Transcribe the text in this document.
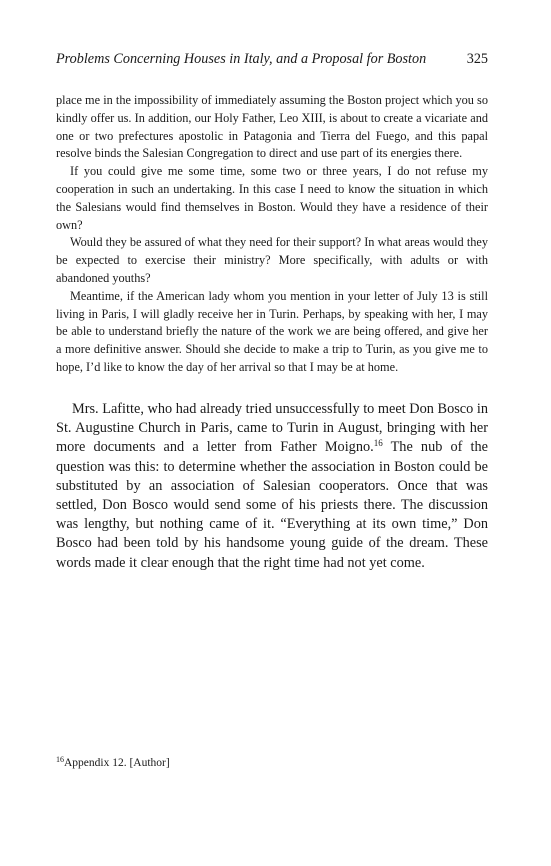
Problems Concerning Houses in Italy, and a Proposal for Boston	325

place me in the impossibility of immediately assuming the Boston project which you so kindly offer us. In addition, our Holy Father, Leo XIII, is about to create a vicariate and one or two prefectures apostolic in Patagonia and Tierra del Fuego, and this papal resolve binds the Salesian Congregation to direct and use part of its energies there.

If you could give me some time, some two or three years, I do not refuse my cooperation in such an undertaking. In this case I need to know the situation in which the Salesians would find themselves in Boston. Would they have a residence of their own?

Would they be assured of what they need for their support? In what areas would they be expected to exercise their ministry? More specifically, with adults or with abandoned youths?

Meantime, if the American lady whom you mention in your letter of July 13 is still living in Paris, I will gladly receive her in Turin. Perhaps, by speaking with her, I may be able to understand briefly the nature of the work we are being offered, and give her a more definitive answer. Should she decide to make a trip to Turin, as you give me to hope, I’d like to know the day of her arrival so that I may be at home.

Mrs. Lafitte, who had already tried unsuccessfully to meet Don Bosco in St. Augustine Church in Paris, came to Turin in August, bringing with her more documents and a letter from Father Moigno.$^{16}$ The nub of the question was this: to determine whether the association in Boston could be substituted by an association of Salesian cooperators. Once that was settled, Don Bosco would send some of his priests there. The discussion was lengthy, but nothing came of it. “Everything at its own time,” Don Bosco had been told by his handsome young guide of the dream. These words made it clear enough that the right time had not yet come.

$^{16}$Appendix 12. [Author]
